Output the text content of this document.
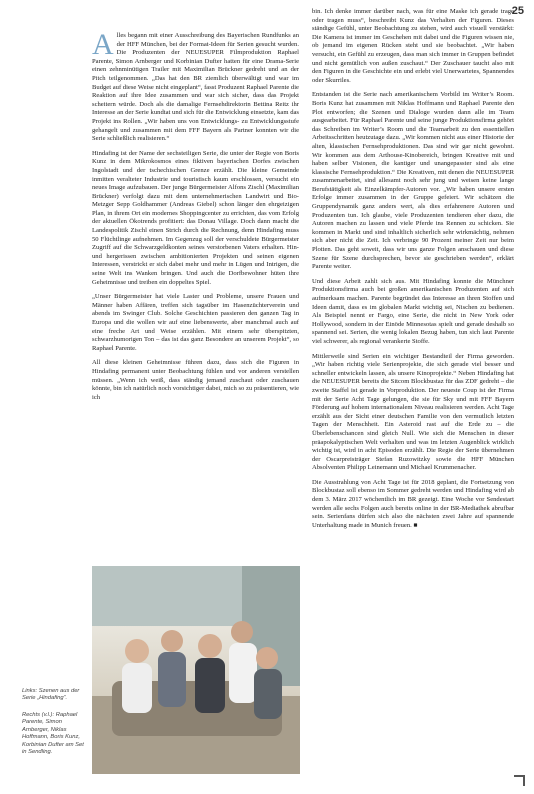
25

Alles begann mit einer Ausschreibung des Bayerischen Rundfunks an der HFF München, bei der Format-Ideen für Serien gesucht wurden. Die Produzenten der NEUESUPER Filmproduktion Raphael Parente, Simon Arnberger und Korbinian Dufter hatten für eine Drama-Serie einen zehnminütigen Trailer mit Maximilian Brückner gedreht und an der Pitch teilgenommen. „Das hat den BR ziemlich überwältigt und war im Budget auf diese Weise nicht eingeplant“, fasst Produzent Raphael Parente die Reaktion auf ihre Idee zusammen und war sich sicher, dass das Projekt scheitern würde. Doch als die damalige Fernsehdirektorin Bettina Reitz ihr Interesse an der Serie kundtat und sich für die Entwicklung einsetzte, kam das Projekt ins Rollen. „Wir haben uns von Entwicklungs- zu Entwicklungsstufe gehangelt und zusammen mit dem FFF Bayern als Partner konnten wir die Serie schließlich realisieren.“

Hindafing ist der Name der sechsteiligen Serie, die unter der Regie von Boris Kunz in dem Mikrokosmos eines fiktiven bayerischen Dorfes zwischen Ingolstadt und der tschechischen Grenze erzählt. Die kleine Gemeinde inmitten veralteter Industrie und touristisch kaum erschlossen, versucht ein neues Image aufzubauen. Der junge Bürgermeister Alfons Zischl (Maximilian Brückner) verfolgt dazu mit dem unternehmerischen Landwirt und Bio-Metzger Sepp Goldhammer (Andreas Giebel) schon länger den ehrgeizigen Plan, in ihrem Ort ein modernes Shoppingcenter zu errichten, das vom Erfolg der aktuellen Ökotrends profitiert: das Donau Village. Doch dann macht die Landespolitik Zischl einen Strich durch die Rechnung, denn Hindafing muss 50 Flüchtlinge aufnehmen. Im Gegenzug soll der verschuldete Bürgermeister Zugriff auf die Schwarzgeldkonten seines verstorbenen Vaters erhalten. Hin- und hergerissen zwischen ambitionierten Projekten und seinen eigenen Interessen, verstrickt er sich dabei mehr und mehr in Lügen und Intrigen, die seine Welt ins Wanken bringen. Und auch die Dorfbewohner hüten ihre Geheimnisse und treiben ein doppeltes Spiel.

„Unser Bürgermeister hat viele Laster und Probleme, unsere Frauen und Männer haben Affären, treffen sich tagsüber im Hasenzüchterverein und abends im Swinger Club. Solche Geschichten passieren den ganzen Tag in Europa und die wollen wir auf eine liebenswerte, aber manchmal auch auf eine freche Art und Weise erzählen. Mit einem sehr überspitzten, schwarzhumorigen Ton – das ist das ganz Besondere an unserem Projekt“, so Raphael Parente.

All diese kleinen Geheimnisse führen dazu, dass sich die Figuren in Hindafing permanent unter Beobachtung fühlen und vor anderen verstellen müssen. „Wenn ich weiß, dass ständig jemand zuschaut oder zuschauen könnte, bin ich natürlich noch vorsichtiger dabei, mich so zu präsentieren, wie ich

bin. Ich denke immer darüber nach, was für eine Maske ich gerade trage oder tragen muss“, beschreibt Kunz das Verhalten der Figuren. Dieses ständige Gefühl, unter Beobachtung zu stehen, wird auch visuell verstärkt: Die Kamera ist immer im Geschehen mit dabei und die Figuren wissen nie, ob jemand im eigenen Rücken steht und sie beobachtet. „Wir haben versucht, ein Gefühl zu erzeugen, dass man sich immer in Gruppen befindet und nicht gemütlich von außen zuschaut.“ Der Zuschauer taucht also mit den Figuren in die Geschichte ein und erlebt viel Unerwartetes, Spannendes oder Skurriles.

Entstanden ist die Serie nach amerikanischem Vorbild im Writer’s Room. Boris Kunz hat zusammen mit Niklas Hoffmann und Raphael Parente den Plot entworfen; die Szenen und Dialoge wurden dann alle im Team ausgearbeitet. Für Raphael Parente und seine junge Produktionsfirma gehört das Schreiben im Writer’s Room und die Teamarbeit zu den essentiellen Arbeitsschritten heutzutage dazu. „Wir kommen nicht aus einer Historie der alten, klassischen Fernsehproduktionen. Das sind wir gar nicht gewohnt. Wir kommen aus dem Arthouse-Kinobereich, bringen Kreative mit und haben selber Visionen, die kantiger und unangepasster sind als eine klassische Fernsehproduktion.“ Die Kreativen, mit denen die NEUESUPER zusammenarbeitet, sind allesamt noch sehr jung und weisen keine lange Berufstätigkeit als Einzelkämpfer-Autoren vor. „Wir haben unsere ersten Erfolge immer zusammen in der Gruppe gefeiert. Wir schätzen die Gruppendynamik ganz anders wert, als dies erfahrenere Autoren und Produzenten tun. Ich glaube, viele Produzenten tendieren eher dazu, die Autoren machen zu lassen und viele Pferde ins Rennen zu schicken. Sie kommen in Markt und sind inhaltlich sicherlich sehr wirkmächtig, nehmen sich aber nicht die Zeit. Ich verbringe 90 Prozent meiner Zeit nur beim Plotten. Das geht soweit, dass wir uns ganze Folgen anschauen und diese Szene für Szene durchsprechen, bevor sie geschrieben werden“, erklärt Parente weiter.

Und diese Arbeit zahlt sich aus. Mit Hindafing konnte die Münchner Produktionsfirma auch bei großen amerikanischen Produzenten auf sich aufmerksam machen. Parente begründet das Interesse an ihren Stoffen und Ideen damit, dass es im globalen Markt wichtig sei, Nischen zu bedienen. Als Beispiel nennt er Fargo, eine Serie, die nicht in New York oder Hollywood, sondern in der Einöde Minnesotas spielt und gerade deshalb so spannend sei. Serien, die wenig lokalen Bezug haben, tun sich laut Parente viel schwerer, als regional verankerte Stoffe.

Mittlerweile sind Serien ein wichtiger Bestandteil der Firma geworden. „Wir haben richtig viele Serienprojekte, die sich gerade viel besser und schneller entwickeln lassen, als unsere Kinoprojekte.“ Neben Hindafing hat die NEUESUPER bereits die Sitcom Blockbustaz für das ZDF gedreht – die zweite Staffel ist gerade in Vorproduktion. Der neueste Coup ist der Firma mit der Serie Acht Tage gelungen, die sie für Sky und mit FFF Bayern Förderung auf hohem internationalem Niveau realisieren werden. Acht Tage erzählt aus der Sicht einer deutschen Familie von den vermutlich letzten Tagen der Menschheit. Ein Asteroid rast auf die Erde zu – die Überlebenschancen sind gleich Null. Wie sich die Menschen in dieser präapokalyptischen Welt verhalten und was im letzten Augenblick wirklich wichtig ist, wird in acht Episoden erzählt. Die Regie der Serie übernehmen der Oscarpreisträger Stefan Ruzowitzky sowie die HFF München Absolventen Philipp Leinemann und Michael Krummenacher.

Die Ausstrahlung von Acht Tage ist für 2018 geplant, die Fortsetzung von Blockbustaz soll ebenso im Sommer gedreht werden und Hindafing wird ab dem 3. März 2017 wöchentlich im BR gezeigt. Eine Woche vor Sendestart werden alle sechs Folgen auch bereits online in der BR-Mediathek abrufbar sein. Serienfans dürfen sich also die nächsten zwei Jahre auf spannende Unterhaltung made in Munich freuen. ■

Links: Szenen aus der Serie „Hindafing“.
Rechts (v.l.): Raphael Parente, Simon Arnberger, Niklas Hoffmann, Boris Kunz, Korbinian Dufter am Set in Sendling.
